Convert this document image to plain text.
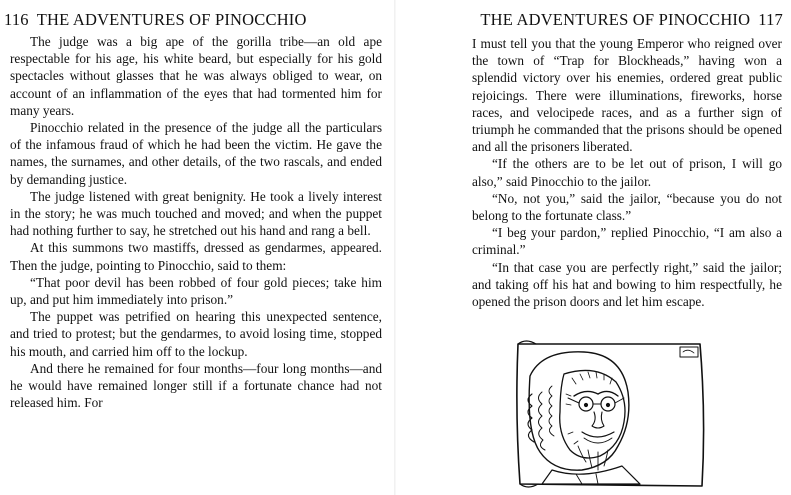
116 THE ADVENTURES OF PINOCCHIO

The judge was a big ape of the gorilla tribe—an old ape respectable for his age, his white beard, but especially for his gold spectacles without glasses that he was always obliged to wear, on account of an inflammation of the eyes that had tormented him for many years.

Pinocchio related in the presence of the judge all the particulars of the infamous fraud of which he had been the victim. He gave the names, the surnames, and other details, of the two rascals, and ended by demanding justice.

The judge listened with great benignity. He took a lively interest in the story; he was much touched and moved; and when the puppet had nothing further to say, he stretched out his hand and rang a bell.

At this summons two mastiffs, dressed as gendarmes, appeared. Then the judge, pointing to Pinocchio, said to them:

“That poor devil has been robbed of four gold pieces; take him up, and put him immediately into prison.”

The puppet was petrified on hearing this unexpected sentence, and tried to protest; but the gendarmes, to avoid losing time, stopped his mouth, and carried him off to the lockup.

And there he remained for four months—four long months—and he would have remained longer still if a fortunate chance had not released him. For

THE ADVENTURES OF PINOCCHIO 117

I must tell you that the young Emperor who reigned over the town of “Trap for Blockheads,” having won a splendid victory over his enemies, ordered great public rejoicings. There were illuminations, fireworks, horse races, and velocipede races, and as a further sign of triumph he commanded that the prisons should be opened and all the prisoners liberated.

“If the others are to be let out of prison, I will go also,” said Pinocchio to the jailor.

“No, not you,” said the jailor, “because you do not belong to the fortunate class.”

“I beg your pardon,” replied Pinocchio, “I am also a criminal.”

“In that case you are perfectly right,” said the jailor; and taking off his hat and bowing to him respectfully, he opened the prison doors and let him escape.
